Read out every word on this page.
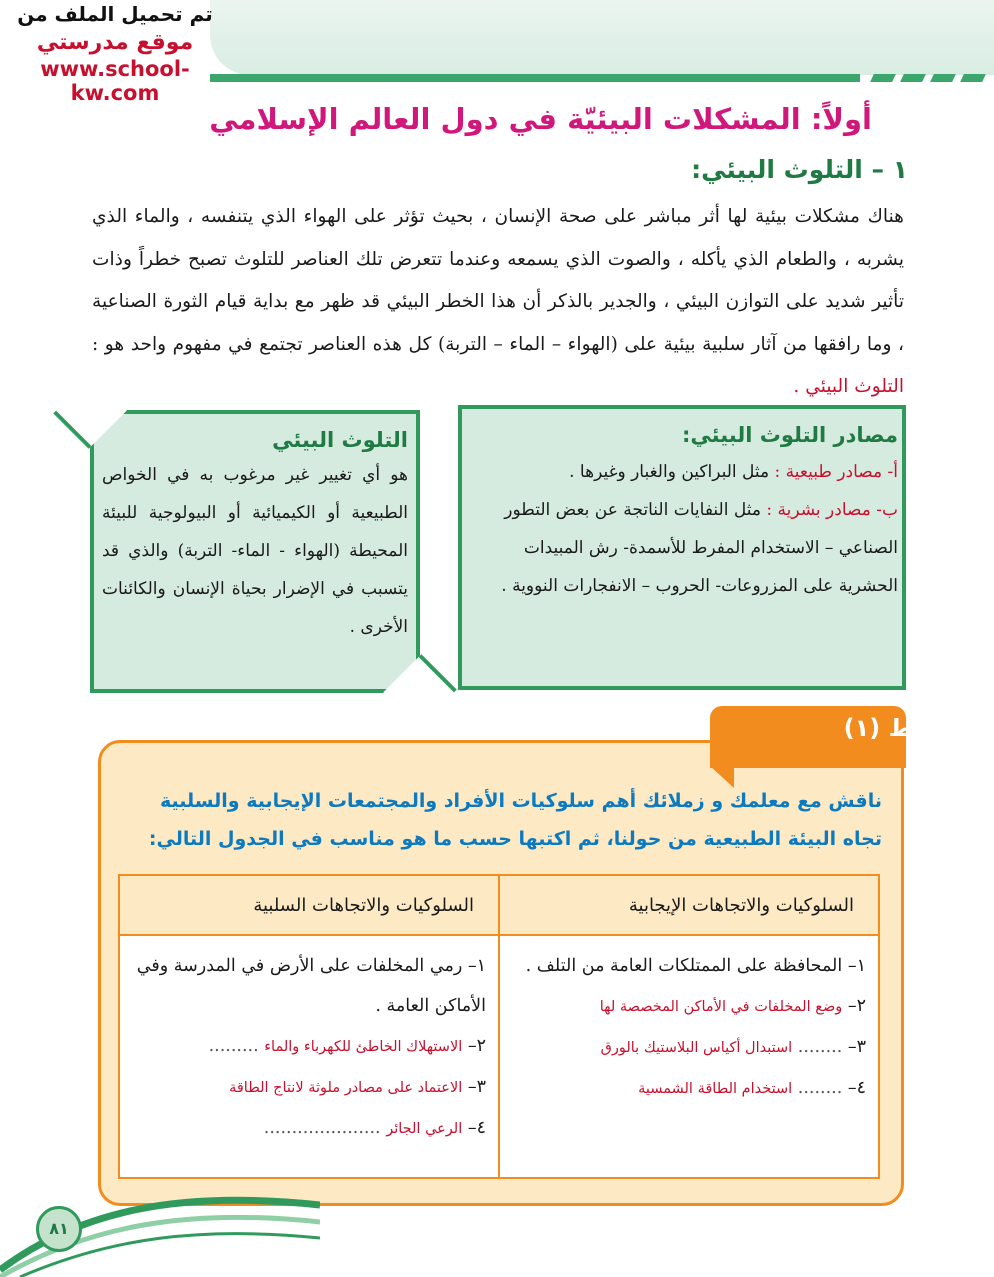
تم تحميل الملف من
موقع مدرستي
www.school-kw.com
أولاً: المشكلات البيئيّة في دول العالم الإسلامي
١ – التلوث البيئي:
هناك مشكلات بيئية لها أثر مباشر على صحة الإنسان ، بحيث تؤثر على الهواء الذي يتنفسه ، والماء الذي يشربه ، والطعام الذي يأكله ، والصوت الذي يسمعه وعندما تتعرض تلك العناصر للتلوث تصبح خطراً وذات تأثير شديد على التوازن البيئي ، والجدير بالذكر أن هذا الخطر البيئي قد ظهر مع بداية قيام الثورة الصناعية ، وما رافقها من آثار سلبية بيئية على (الهواء – الماء – التربة) كل هذه العناصر تجتمع في مفهوم واحد هو : التلوث البيئي .
مصادر التلوث البيئي:
أ- مصادر طبيعية : مثل البراكين والغبار وغيرها .
ب- مصادر بشرية : مثل النفايات الناتجة عن بعض التطور الصناعي – الاستخدام المفرط للأسمدة- رش المبيدات الحشرية على المزروعات- الحروب – الانفجارات النووية .
التلوث البيئي
هو أي تغيير غير مرغوب به في الخواص الطبيعية أو الكيميائية أو البيولوجية للبيئة المحيطة (الهواء - الماء- التربة) والذي قد يتسبب في الإضرار بحياة الإنسان والكائنات الأخرى .
نشاط (١)
ناقش مع معلمك و زملائك أهم سلوكيات الأفراد والمجتمعات الإيجابية والسلبية تجاه البيئة الطبيعية من حولنا، ثم اكتبها حسب ما هو مناسب في الجدول التالي:
السلوكيات والاتجاهات الإيجابية
١– المحافظة على الممتلكات العامة من التلف .
٢– وضع المخلفات في الأماكن المخصصة لها
٣– ........ استبدال أكياس البلاستيك بالورق
٤– ........ استخدام الطاقة الشمسية
السلوكيات والاتجاهات السلبية
١– رمي المخلفات على الأرض في المدرسة وفي الأماكن العامة .
٢– الاستهلاك الخاطئ للكهرباء والماء .........
٣– الاعتماد على مصادر ملوثة لانتاج الطاقة
٤– الرعي الجائر .....................
٨١
